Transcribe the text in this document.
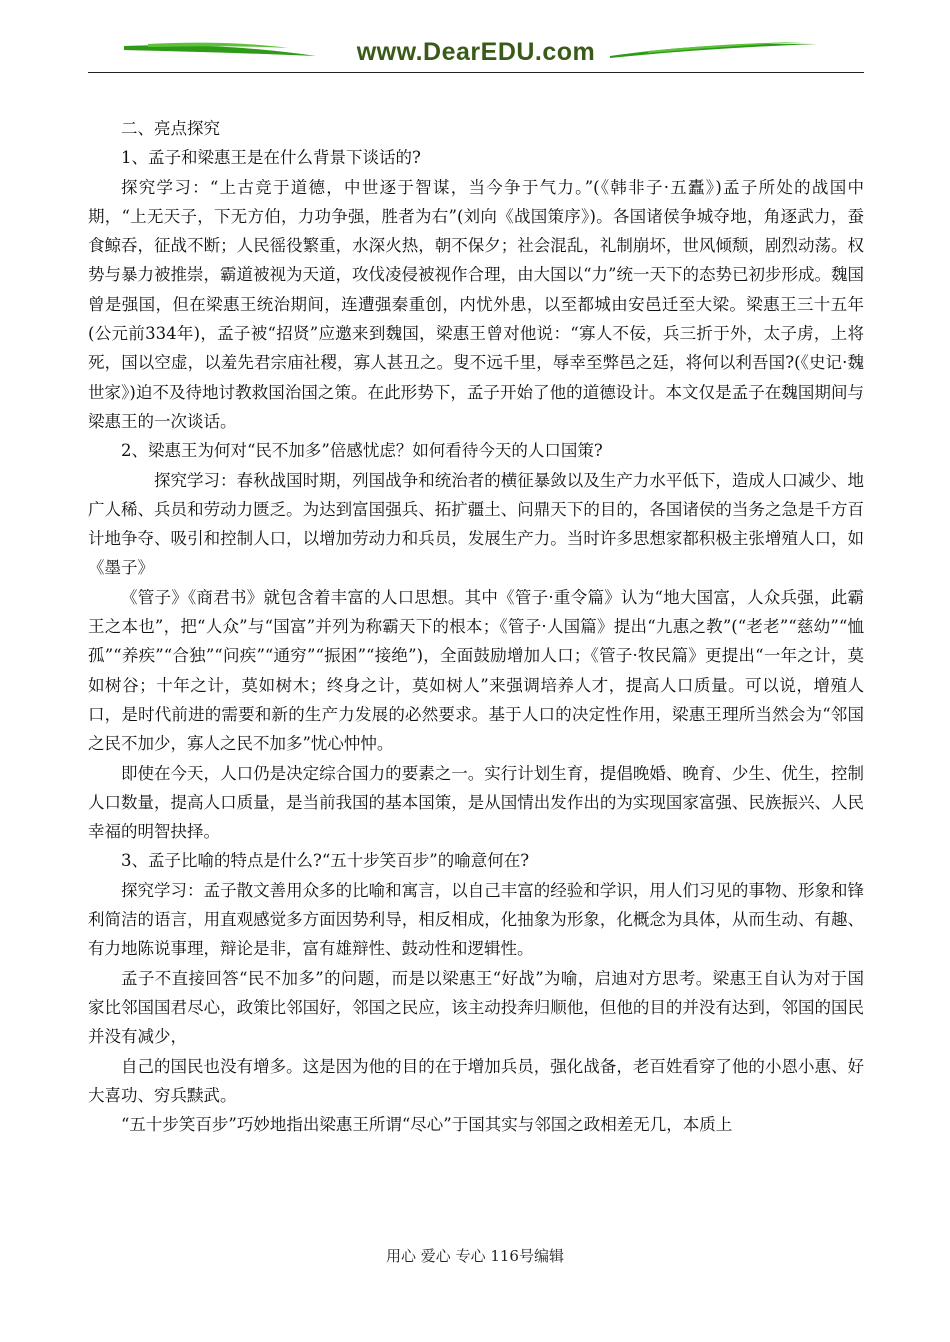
www.DearEDU.com

二、亮点探究

1、孟子和梁惠王是在什么背景下谈话的?

探究学习：“上古竞于道德，中世逐于智谋，当今争于气力。”(《韩非子·五蠹》)孟子所处的战国中期，“上无天子，下无方伯，力功争强，胜者为右”(刘向《战国策序》)。各国诸侯争城夺地，角逐武力，蚕食鲸吞，征战不断；人民徭役繁重，水深火热，朝不保夕；社会混乱，礼制崩坏，世风倾颓，剧烈动荡。权势与暴力被推崇，霸道被视为天道，攻伐凌侵被视作合理，由大国以“力”统一天下的态势已初步形成。魏国曾是强国，但在梁惠王统治期间，连遭强秦重创，内忧外患，以至都城由安邑迁至大梁。梁惠王三十五年(公元前334年)，孟子被“招贤”应邀来到魏国，梁惠王曾对他说：“寡人不佞，兵三折于外，太子虏，上将死，国以空虚，以羞先君宗庙社稷，寡人甚丑之。叟不远千里，辱幸至弊邑之廷，将何以利吾国?(《史记·魏世家》)迫不及待地讨教救国治国之策。在此形势下，孟子开始了他的道德设计。本文仅是孟子在魏国期间与梁惠王的一次谈话。

2、梁惠王为何对“民不加多”倍感忧虑？如何看待今天的人口国策?

探究学习：春秋战国时期，列国战争和统治者的横征暴敛以及生产力水平低下，造成人口减少、地广人稀、兵员和劳动力匮乏。为达到富国强兵、拓扩疆土、问鼎天下的目的，各国诸侯的当务之急是千方百计地争夺、吸引和控制人口，以增加劳动力和兵员，发展生产力。当时许多思想家都积极主张增殖人口，如《墨子》

《管子》《商君书》就包含着丰富的人口思想。其中《管子·重令篇》认为“地大国富，人众兵强，此霸王之本也”，把“人众”与“国富”并列为称霸天下的根本；《管子·人国篇》提出“九惠之教”(“老老”“慈幼”“恤孤”“养疾”“合独”“问疾”“通穷”“振困”“接绝”)，全面鼓励增加人口；《管子·牧民篇》更提出“一年之计，莫如树谷；十年之计，莫如树木；终身之计，莫如树人”来强调培养人才，提高人口质量。可以说，增殖人口，是时代前进的需要和新的生产力发展的必然要求。基于人口的决定性作用，梁惠王理所当然会为“邻国之民不加少，寡人之民不加多”忧心忡忡。

即使在今天，人口仍是决定综合国力的要素之一。实行计划生育，提倡晚婚、晚育、少生、优生，控制人口数量，提高人口质量，是当前我国的基本国策，是从国情出发作出的为实现国家富强、民族振兴、人民幸福的明智抉择。

3、孟子比喻的特点是什么?“五十步笑百步”的喻意何在?

探究学习：孟子散文善用众多的比喻和寓言，以自己丰富的经验和学识，用人们习见的事物、形象和锋利简洁的语言，用直观感觉多方面因势利导，相反相成，化抽象为形象，化概念为具体，从而生动、有趣、有力地陈说事理，辩论是非，富有雄辩性、鼓动性和逻辑性。

孟子不直接回答“民不加多”的问题，而是以梁惠王“好战”为喻，启迪对方思考。梁惠王自认为对于国家比邻国国君尽心，政策比邻国好，邻国之民应，该主动投奔归顺他，但他的目的并没有达到，邻国的国民并没有减少，

自己的国民也没有增多。这是因为他的目的在于增加兵员，强化战备，老百姓看穿了他的小恩小惠、好大喜功、穷兵黩武。

“五十步笑百步”巧妙地指出梁惠王所谓“尽心”于国其实与邻国之政相差无几，本质上

用心 爱心 专心 116号编辑
